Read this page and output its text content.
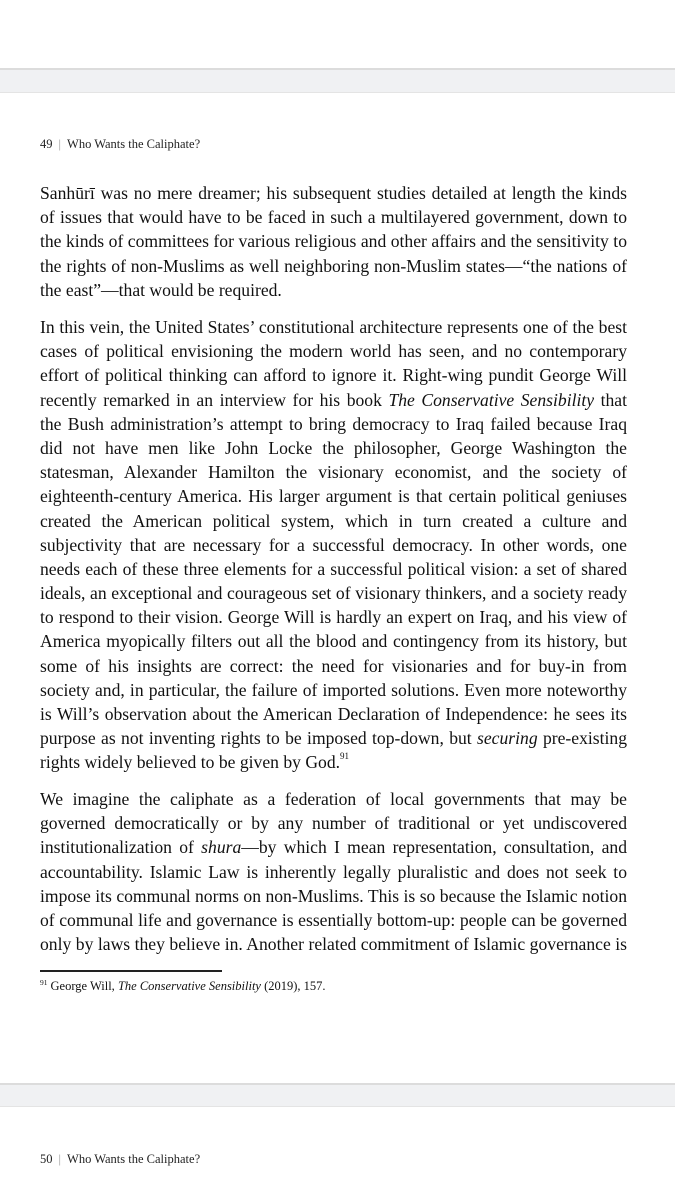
49 | Who Wants the Caliphate?
Sanhūrī was no mere dreamer; his subsequent studies detailed at length the kinds
of issues that would have to be faced in such a multilayered government, down to
the kinds of committees for various religious and other affairs and the sensitivity to
the rights of non-Muslims as well neighboring non-Muslim states—“the nations of
the east”—that would be required.
In this vein, the United States’ constitutional architecture represents one of the best
cases of political envisioning the modern world has seen, and no contemporary
effort of political thinking can afford to ignore it. Right-wing pundit George Will
recently remarked in an interview for his book The Conservative Sensibility that
the Bush administration’s attempt to bring democracy to Iraq failed because Iraq
did not have men like John Locke the philosopher, George Washington the
statesman, Alexander Hamilton the visionary economist, and the society of
eighteenth-century America. His larger argument is that certain political geniuses
created the American political system, which in turn created a culture and
subjectivity that are necessary for a successful democracy. In other words, one
needs each of these three elements for a successful political vision: a set of shared
ideals, an exceptional and courageous set of visionary thinkers, and a society ready
to respond to their vision. George Will is hardly an expert on Iraq, and his view of
America myopically filters out all the blood and contingency from its history, but
some of his insights are correct: the need for visionaries and for buy-in from
society and, in particular, the failure of imported solutions. Even more noteworthy
is Will’s observation about the American Declaration of Independence: he sees its
purpose as not inventing rights to be imposed top-down, but securing pre-existing
rights widely believed to be given by God.$^{91}$
We imagine the caliphate as a federation of local governments that may be
governed democratically or by any number of traditional or yet undiscovered
institutionalization of shura—by which I mean representation, consultation, and
accountability. Islamic Law is inherently legally pluralistic and does not seek to
impose its communal norms on non-Muslims. This is so because the Islamic notion
of communal life and governance is essentially bottom-up: people can be governed
only by laws they believe in. Another related commitment of Islamic governance is
$^{91}$ George Will, The Conservative Sensibility (2019), 157.
50 | Who Wants the Caliphate?
